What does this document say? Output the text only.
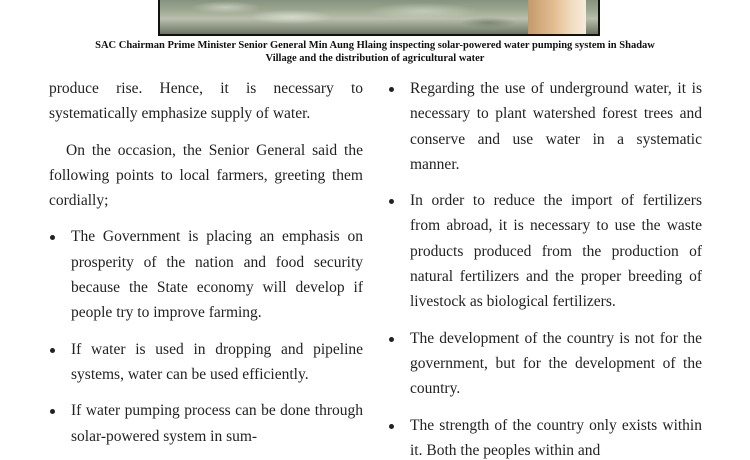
SAC Chairman Prime Minister Senior General Min Aung Hlaing inspecting solar-powered water pumping system in Shadaw Village and the distribution of agricultural water

produce rise. Hence, it is necessary to systematically emphasize supply of water.

On the occasion, the Senior General said the following points to local farmers, greeting them cordially;

The Government is placing an emphasis on prosperity of the nation and food security because the State economy will develop if people try to improve farming.
If water is used in dropping and pipeline systems, water can be used efficiently.
If water pumping process can be done through solar-powered system in sum-
Regarding the use of underground water, it is necessary to plant watershed forest trees and conserve and use water in a systematic manner.
In order to reduce the import of fertilizers from abroad, it is necessary to use the waste products produced from the production of natural fertilizers and the proper breeding of livestock as biological fertilizers.
The development of the country is not for the government, but for the development of the country.
The strength of the country only exists within it. Both the peoples within and
